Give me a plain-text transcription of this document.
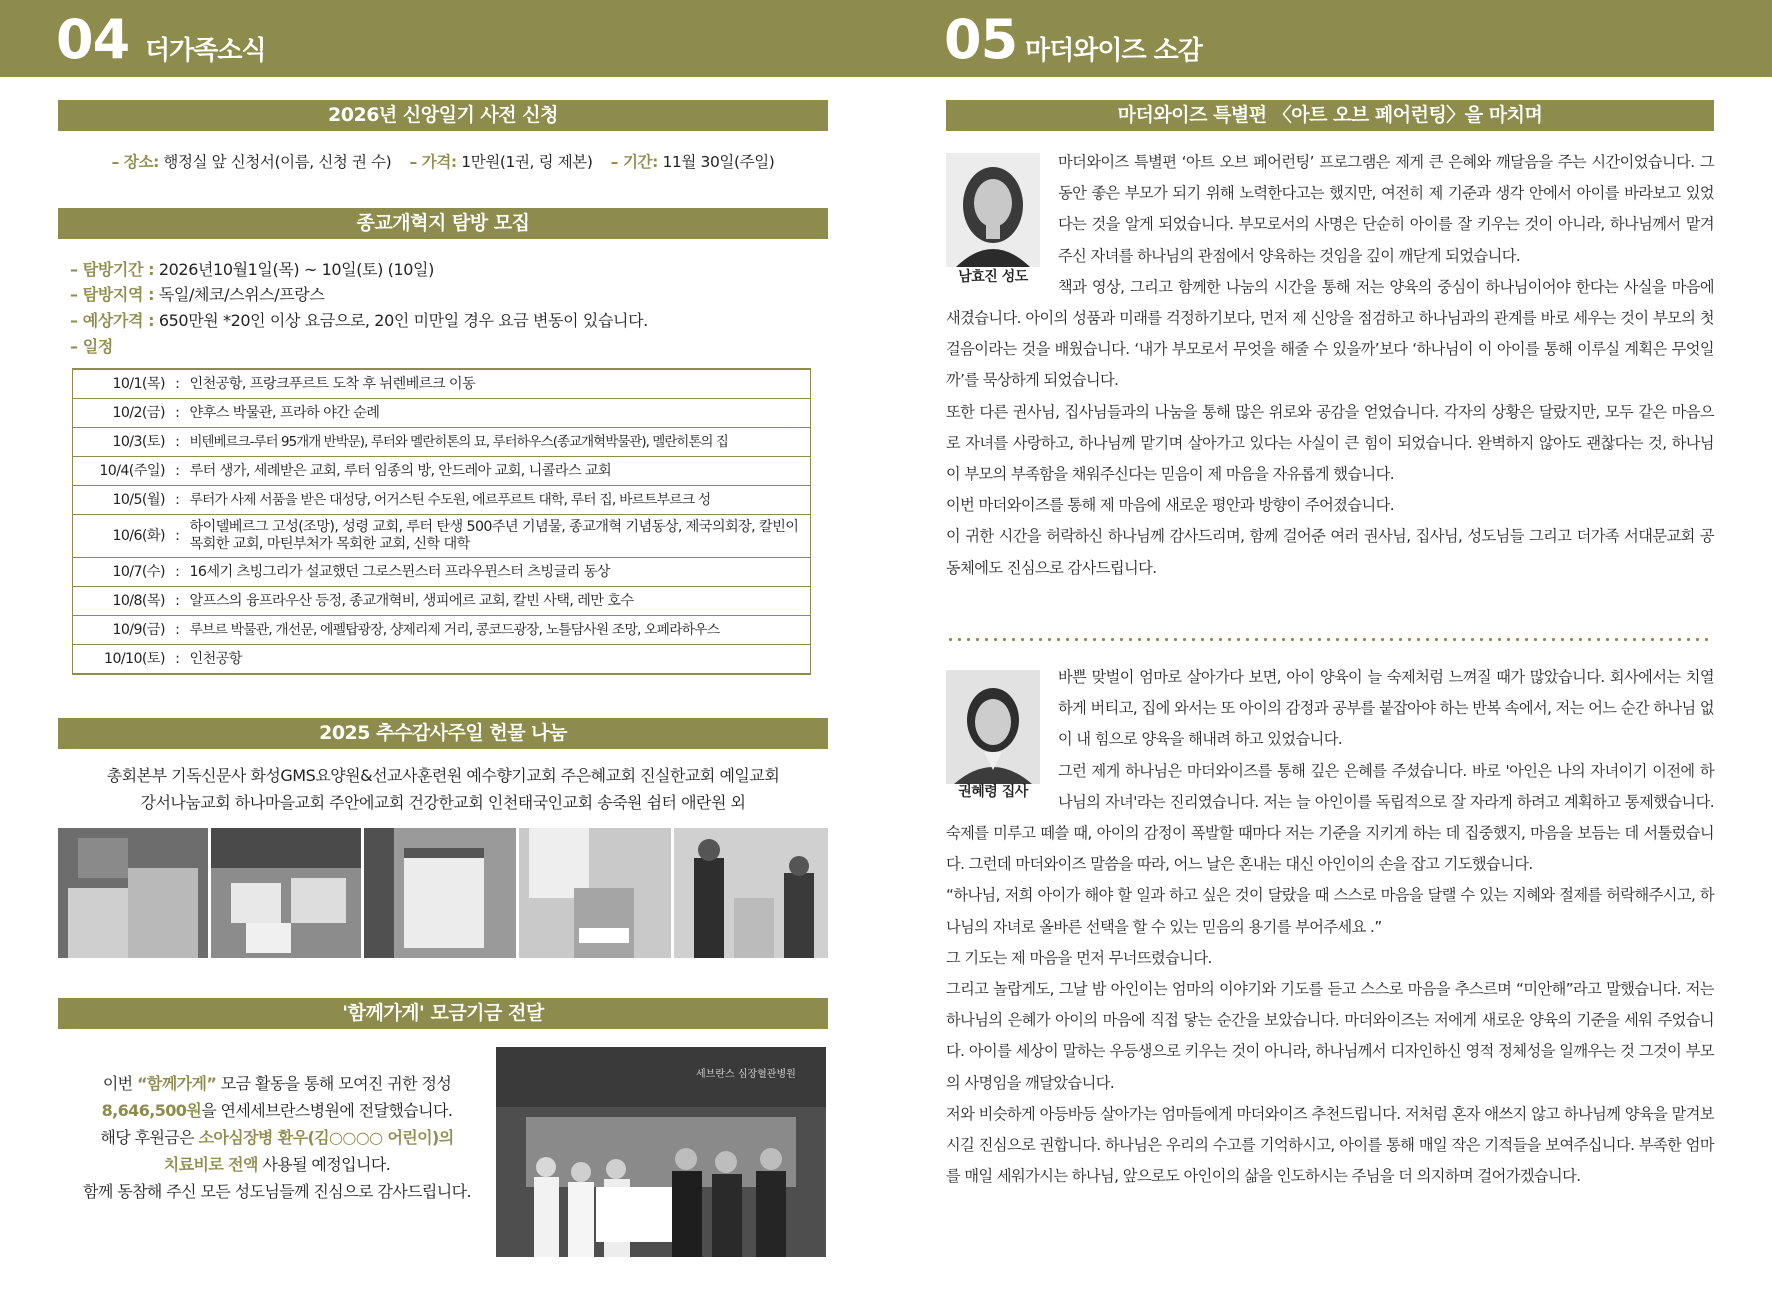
04 더가족소식	05 마더와이즈 소감
2026년 신앙일기 사전 신청
– 장소: 행정실 앞 신청서(이름, 신청 권 수) – 가격: 1만원(1권, 링 제본) – 기간: 11월 30일(주일)
종교개혁지 탐방 모집
– 탐방기간 : 2026년10월1일(목) ~ 10일(토) (10일)
– 탐방지역 : 독일/체코/스위스/프랑스
– 예상가격 : 650만원 *20인 이상 요금으로, 20인 미만일 경우 요금 변동이 있습니다.
– 일정
10/1(목)	:	인천공항, 프랑크푸르트 도착 후 뉘렌베르크 이동
10/2(금)	:	얀후스 박물관, 프라하 야간 순례
10/3(토)	:	비텐베르크-루터 95개개 반박문), 루터와 멜란히톤의 묘, 루터하우스(종교개혁박물관), 멜란히톤의 집
10/4(주일)	:	루터 생가, 세례받은 교회, 루터 임종의 방, 안드레아 교회, 니콜라스 교회
10/5(월)	:	루터가 사제 서품을 받은 대성당, 어거스틴 수도원, 에르푸르트 대학, 루터 집, 바르트부르크 성
10/6(화)	:	하이델베르그 고성(조망), 성령 교회, 루터 탄생 500주년 기념물, 종교개혁 기념동상, 제국의회장, 칼빈이 목회한 교회, 마틴부처가 목회한 교회, 신학 대학
10/7(수)	:	16세기 츠빙그리가 설교했던 그로스뮌스터 프라우뮌스터 츠빙글리 동상
10/8(목)	:	알프스의 융프라우산 등정, 종교개혁비, 생피에르 교회, 칼빈 사택, 레만 호수
10/9(금)	:	루브르 박물관, 개선문, 에펠탑광장, 샹제리제 거리, 콩코드광장, 노틀담사원 조망, 오페라하우스
10/10(토)	:	인천공항
2025 추수감사주일 헌물 나눔
총회본부 기독신문사 화성GMS요양원&선교사훈련원 예수향기교회 주은혜교회 진실한교회 예일교회
강서나눔교회 하나마을교회 주안에교회 건강한교회 인천태국인교회 송죽원 쉼터 애란원 외
'함께가게' 모금기금 전달
이번 “함께가게” 모금 활동을 통해 모여진 귀한 정성
8,646,500원을 연세세브란스병원에 전달했습니다.
해당 후원금은 소아심장병 환우(김○○○○ 어린이)의
치료비로 전액 사용될 예정입니다.
함께 동참해 주신 모든 성도님들께 진심으로 감사드립니다.
세브란스 심장혈관병원
마더와이즈 특별편 〈아트 오브 페어런팅〉을 마치며
남효진 성도

마더와이즈 특별편 ‘아트 오브 페어런팅’ 프로그램은 제게 큰 은혜와 깨달음을 주는 시간이었습니다. 그동안 좋은 부모가 되기 위해 노력한다고는 했지만, 여전히 제 기준과 생각 안에서 아이를 바라보고 있었다는 것을 알게 되었습니다. 부모로서의 사명은 단순히 아이를 잘 키우는 것이 아니라, 하나님께서 맡겨주신 자녀를 하나님의 관점에서 양육하는 것임을 깊이 깨닫게 되었습니다.

책과 영상, 그리고 함께한 나눔의 시간을 통해 저는 양육의 중심이 하나님이어야 한다는 사실을 마음에 새겼습니다. 아이의 성품과 미래를 걱정하기보다, 먼저 제 신앙을 점검하고 하나님과의 관계를 바로 세우는 것이 부모의 첫걸음이라는 것을 배웠습니다. ‘내가 부모로서 무엇을 해줄 수 있을까’보다 ‘하나님이 이 아이를 통해 이루실 계획은 무엇일까’를 묵상하게 되었습니다.

또한 다른 권사님, 집사님들과의 나눔을 통해 많은 위로와 공감을 얻었습니다. 각자의 상황은 달랐지만, 모두 같은 마음으로 자녀를 사랑하고, 하나님께 맡기며 살아가고 있다는 사실이 큰 힘이 되었습니다. 완벽하지 않아도 괜찮다는 것, 하나님이 부모의 부족함을 채워주신다는 믿음이 제 마음을 자유롭게 했습니다.

이번 마더와이즈를 통해 제 마음에 새로운 평안과 방향이 주어졌습니다.

이 귀한 시간을 허락하신 하나님께 감사드리며, 함께 걸어준 여러 권사님, 집사님, 성도님들 그리고 더가족 서대문교회 공동체에도 진심으로 감사드립니다.

권혜령 집사

바쁜 맞벌이 엄마로 살아가다 보면, 아이 양육이 늘 숙제처럼 느껴질 때가 많았습니다. 회사에서는 치열하게 버티고, 집에 와서는 또 아이의 감정과 공부를 붙잡아야 하는 반복 속에서, 저는 어느 순간 하나님 없이 내 힘으로 양육을 해내려 하고 있었습니다.

그런 제게 하나님은 마더와이즈를 통해 깊은 은혜를 주셨습니다. 바로 '아인은 나의 자녀이기 이전에 하나님의 자녀'라는 진리였습니다. 저는 늘 아인이를 독립적으로 잘 자라게 하려고 계획하고 통제했습니다. 숙제를 미루고 떼쓸 때, 아이의 감정이 폭발할 때마다 저는 기준을 지키게 하는 데 집중했지, 마음을 보듬는 데 서툴렀습니다. 그런데 마더와이즈 말씀을 따라, 어느 날은 혼내는 대신 아인이의 손을 잡고 기도했습니다.

“하나님, 저희 아이가 해야 할 일과 하고 싶은 것이 달랐을 때 스스로 마음을 달랠 수 있는 지혜와 절제를 허락해주시고, 하나님의 자녀로 올바른 선택을 할 수 있는 믿음의 용기를 부어주세요 .”

그 기도는 제 마음을 먼저 무너뜨렸습니다.

그리고 놀랍게도, 그날 밤 아인이는 엄마의 이야기와 기도를 듣고 스스로 마음을 추스르며 “미안해”라고 말했습니다. 저는 하나님의 은혜가 아이의 마음에 직접 닿는 순간을 보았습니다. 마더와이즈는 저에게 새로운 양육의 기준을 세워 주었습니다. 아이를 세상이 말하는 우등생으로 키우는 것이 아니라, 하나님께서 디자인하신 영적 정체성을 일깨우는 것 그것이 부모의 사명임을 깨달았습니다.

저와 비슷하게 아등바등 살아가는 엄마들에게 마더와이즈 추천드립니다. 저처럼 혼자 애쓰지 않고 하나님께 양육을 맡겨보시길 진심으로 권합니다. 하나님은 우리의 수고를 기억하시고, 아이를 통해 매일 작은 기적들을 보여주십니다. 부족한 엄마를 매일 세워가시는 하나님, 앞으로도 아인이의 삶을 인도하시는 주님을 더 의지하며 걸어가겠습니다.
